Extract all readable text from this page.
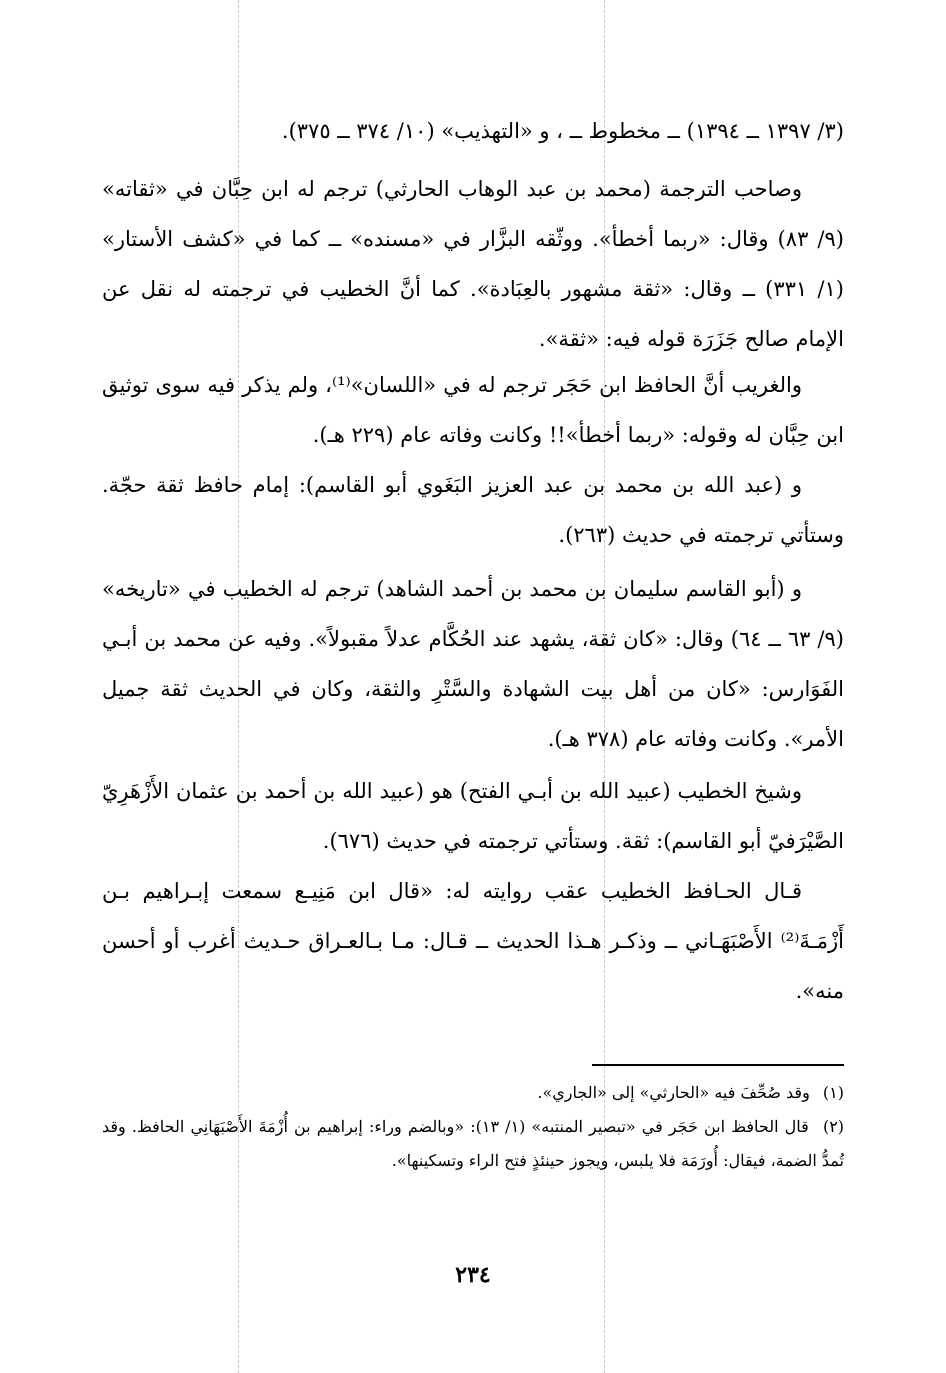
(٣/ ١٣٩٧ ــ ١٣٩٤) ــ مخطوط ــ ، و «التهذيب» (١٠/ ٣٧٤ ــ ٣٧٥).

وصاحب الترجمة (محمد بن عبد الوهاب الحارثي) ترجم له ابن حِبَّان في «ثقاته» (٩/ ٨٣) وقال: «ربما أخطأ». ووثّقه البزَّار في «مسنده» ــ كما في «كشف الأستار» (١/ ٣٣١) ــ وقال: «ثقة مشهور بالعِبَادة». كما أنَّ الخطيب في ترجمته له نقل عن الإمام صالح جَزَرَة قوله فيه: «ثقة».

والغريب أنَّ الحافظ ابن حَجَر ترجم له في «اللسان»⁽¹⁾، ولم يذكر فيه سوى توثيق ابن حِبَّان له وقوله: «ربما أخطأ»!! وكانت وفاته عام (٢٢٩ هـ).

و (عبد الله بن محمد بن عبد العزيز البَغَوي أبو القاسم): إمام حافظ ثقة حجّة. وستأتي ترجمته في حديث (٢٦٣).

و (أبو القاسم سليمان بن محمد بن أحمد الشاهد) ترجم له الخطيب في «تاريخه» (٩/ ٦٣ ــ ٦٤) وقال: «كان ثقة، يشهد عند الحُكَّام عدلاً مقبولاً». وفيه عن محمد بن أبـي الفَوَارس: «كان من أهل بيت الشهادة والسَّتْرِ والثقة، وكان في الحديث ثقة جميل الأمر». وكانت وفاته عام (٣٧٨ هـ).

وشيخ الخطيب (عبيد الله بن أبـي الفتح) هو (عبيد الله بن أحمد بن عثمان الأَزْهَرِيّ الصَّيْرَفيّ أبو القاسم): ثقة. وستأتي ترجمته في حديث (٦٧٦).

قـال الحـافظ الخطيب عقب روايته له: «قال ابن مَنِيـع سمعت إبـراهيم بـن أَزْمَـةَ⁽²⁾ الأَصْبَهَـاني ــ وذكـر هـذا الحديث ــ قـال: مـا بـالعـراق حـديث أغرب أو أحسن منه».

(١) وقد صُحِّفَ فيه «الحارثي» إلى «الجاري».

(٢) قال الحافظ ابن حَجَر في «تبصير المنتبه» (١/ ١٣): «وبالضم وراء: إبراهيم بن أُزْمَةَ الأَصْبَهَانِي الحافظ. وقد تُمدُّ الضمة، فيقال: أُورَمَة فلا يلبس، ويجوز حينئذٍ فتح الراء وتسكينها».

٢٣٤
